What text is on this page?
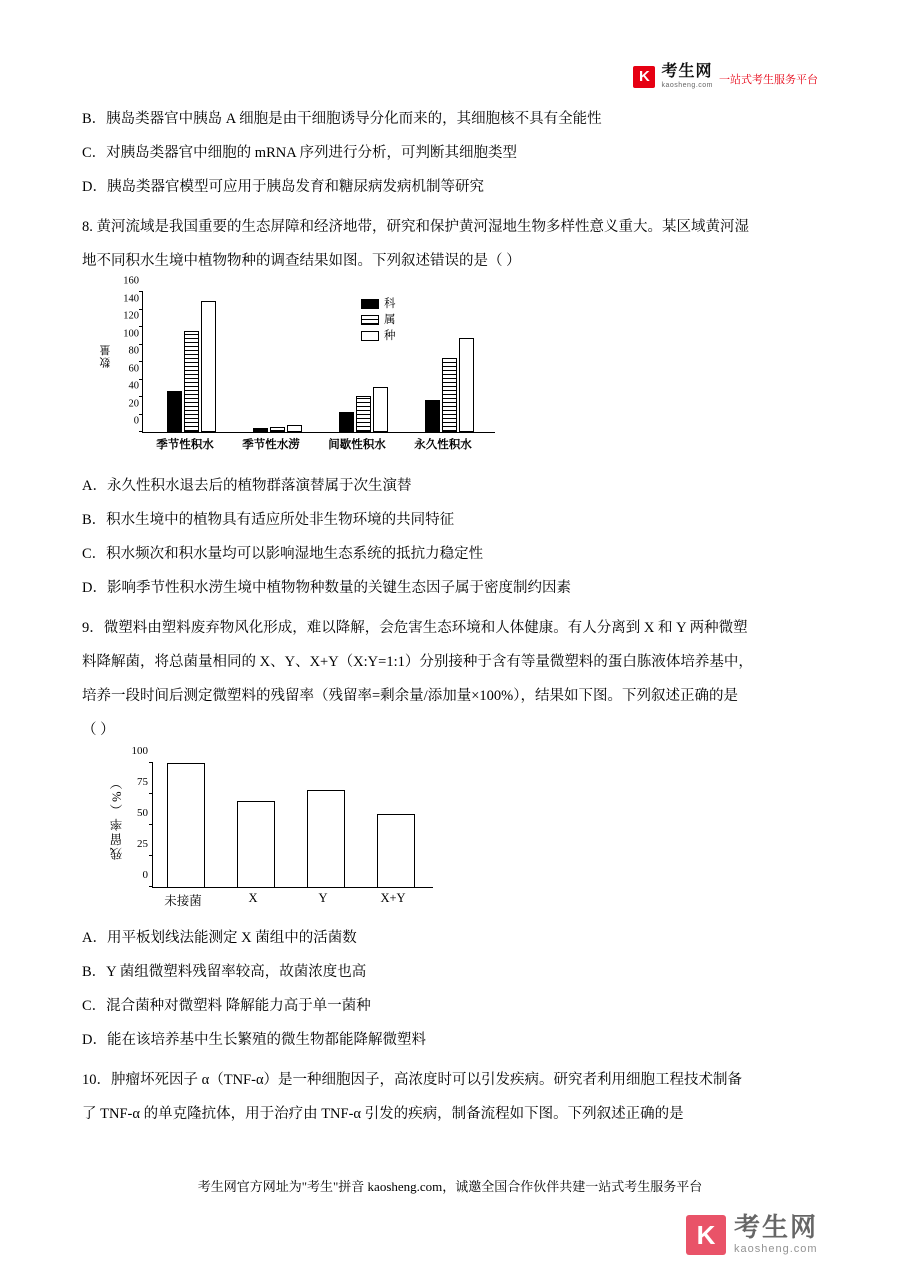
K 考生网
kaosheng.com 一站式考生服务平台
B．胰岛类器官中胰岛 A 细胞是由干细胞诱导分化而来的，其细胞核不具有全能性
C．对胰岛类器官中细胞的 mRNA 序列进行分析，可判断其细胞类型
D．胰岛类器官模型可应用于胰岛发育和糖尿病发病机制等研究
8. 黄河流域是我国重要的生态屏障和经济地带，研究和保护黄河湿地生物多样性意义重大。某区域黄河湿
地不同积水生境中植物物种的调查结果如图。下列叙述错误的是（ ）
数量
0
20
40
60
80
100
120
140
160
科
属
种
季节性积水	季节性水涝	间歇性积水	永久性积水
A．永久性积水退去后的植物群落演替属于次生演替
B．积水生境中的植物具有适应所处非生物环境的共同特征
C．积水频次和积水量均可以影响湿地生态系统的抵抗力稳定性
D．影响季节性积水涝生境中植物物种数量的关键生态因子属于密度制约因素
9．微塑料由塑料废弃物风化形成，难以降解，会危害生态环境和人体健康。有人分离到 X 和 Y 两种微塑
料降解菌，将总菌量相同的 X、Y、X+Y（X:Y=1:1）分别接种于含有等量微塑料的蛋白胨液体培养基中，
培养一段时间后测定微塑料的残留率（残留率=剩余量/添加量×100%），结果如下图。下列叙述正确的是
（ ）
残留率（%）
0
25
50
75
100
未接菌	X	Y	X+Y
A．用平板划线法能测定 X 菌组中的活菌数
B．Y 菌组微塑料残留率较高，故菌浓度也高
C．混合菌种对微塑料 降解能力高于单一菌种
D．能在该培养基中生长繁殖的微生物都能降解微塑料
10．肿瘤坏死因子 α（TNF-α）是一种细胞因子，高浓度时可以引发疾病。研究者利用细胞工程技术制备
了 TNF-α 的单克隆抗体，用于治疗由 TNF-α 引发的疾病，制备流程如下图。下列叙述正确的是
考生网官方网址为"考生"拼音 kaosheng.com，诚邀全国合作伙伴共建一站式考生服务平台
K 考生网
kaosheng.com
